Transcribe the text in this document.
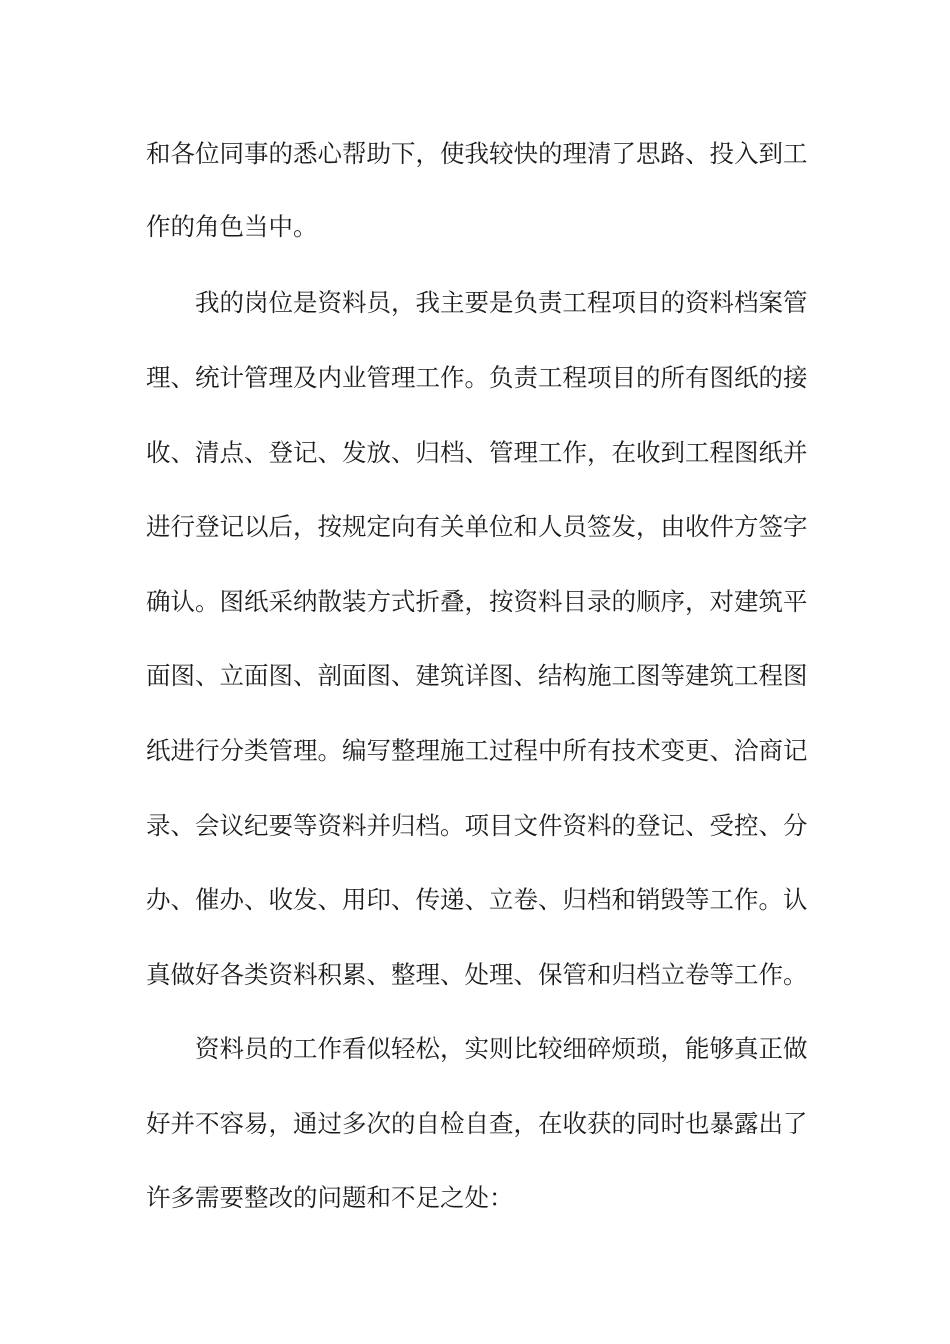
和各位同事的悉心帮助下，使我较快的理清了思路、投入到工
作的角色当中。
我的岗位是资料员，我主要是负责工程项目的资料档案管
理、统计管理及内业管理工作。负责工程项目的所有图纸的接
收、清点、登记、发放、归档、管理工作，在收到工程图纸并
进行登记以后，按规定向有关单位和人员签发，由收件方签字
确认。图纸采纳散装方式折叠，按资料目录的顺序，对建筑平
面图、立面图、剖面图、建筑详图、结构施工图等建筑工程图
纸进行分类管理。编写整理施工过程中所有技术变更、洽商记
录、会议纪要等资料并归档。项目文件资料的登记、受控、分
办、催办、收发、用印、传递、立卷、归档和销毁等工作。认
真做好各类资料积累、整理、处理、保管和归档立卷等工作。
资料员的工作看似轻松，实则比较细碎烦琐，能够真正做
好并不容易，通过多次的自检自查，在收获的同时也暴露出了
许多需要整改的问题和不足之处：
